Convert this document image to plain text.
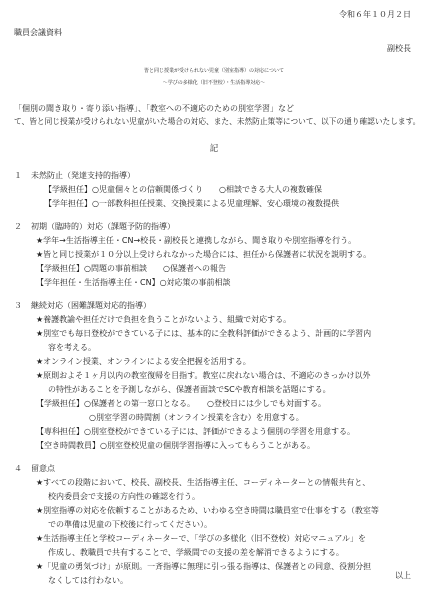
令和６年１０月２日
職員会議資料
副校長
皆と同じ授業が受けられない児童（別室指導）の対応について
～学びの多様化（旧不登校）・生活指導対応～
「個別の聞き取り・寄り添い指導」、「教室への不適応のための別室学習」など
て、皆と同じ授業が受けられない児童がいた場合の対応、また、未然防止策等について、以下の通り確認いたします。
記
１ 未然防止（発達支持的指導）
【学級担任】○児童個々との信頼関係づくり　　○相談できる大人の複数確保
【学年担任】○一部教科担任授業、交換授業による児童理解、安心環境の複数提供
２ 初期（臨時的）対応（課題予防的指導）
★学年→生活指導主任・CN→校長・副校長と連携しながら、聞き取りや別室指導を行う。
★皆と同じ授業が１０分以上受けられなかった場合には、担任から保護者に状況を説明する。
【学級担任】○問題の事前相談　　○保護者への報告
【学年担任・生活指導主任・CN】○対応策の事前相談
３ 継続対応（困難課題対応的指導）
★養護教諭や担任だけで負担を負うことがないよう、組織で対応する。
★別室でも毎日登校ができている子には、基本的に全教科評価ができるよう、計画的に学習内
容を考える。
★オンライン授業、オンラインによる安全把握を活用する。
★原則およそ１ヶ月以内の教室復帰を目指す。教室に戻れない場合は、不適応のきっかけ以外
の特性があることを予測しながら、保護者面談でSCや教育相談を話題にする。
【学級担任】○保護者との第一窓口となる。　　○登校日には少しでも対面する。
○別室学習の時間割（オンライン授業を含む）を用意する。
【専科担任】○別室登校ができている子には、評価ができるよう個別の学習を用意する。
【空き時間教員】○別室登校児童の個別学習指導に入ってもらうことがある。
４ 留意点
★すべての段階において、校長、副校長、生活指導主任、コーディネーターとの情報共有と、
校内委員会で支援の方向性の確認を行う。
★別室指導の対応を依頼することがあるため、いわゆる空き時間は職員室で仕事をする（教室等
での準備は児童の下校後に行ってください）。
★生活指導主任と学校コーディネーターで、「学びの多様化（旧不登校）対応マニュアル」を
作成し、教職員で共有することで、学級間での支援の差を解消できるようにする。
★「児童の勇気づけ」が原則。一斉指導に無理に引っ張る指導は、保護者との同意、役割分担
なくしては行わない。
以上
